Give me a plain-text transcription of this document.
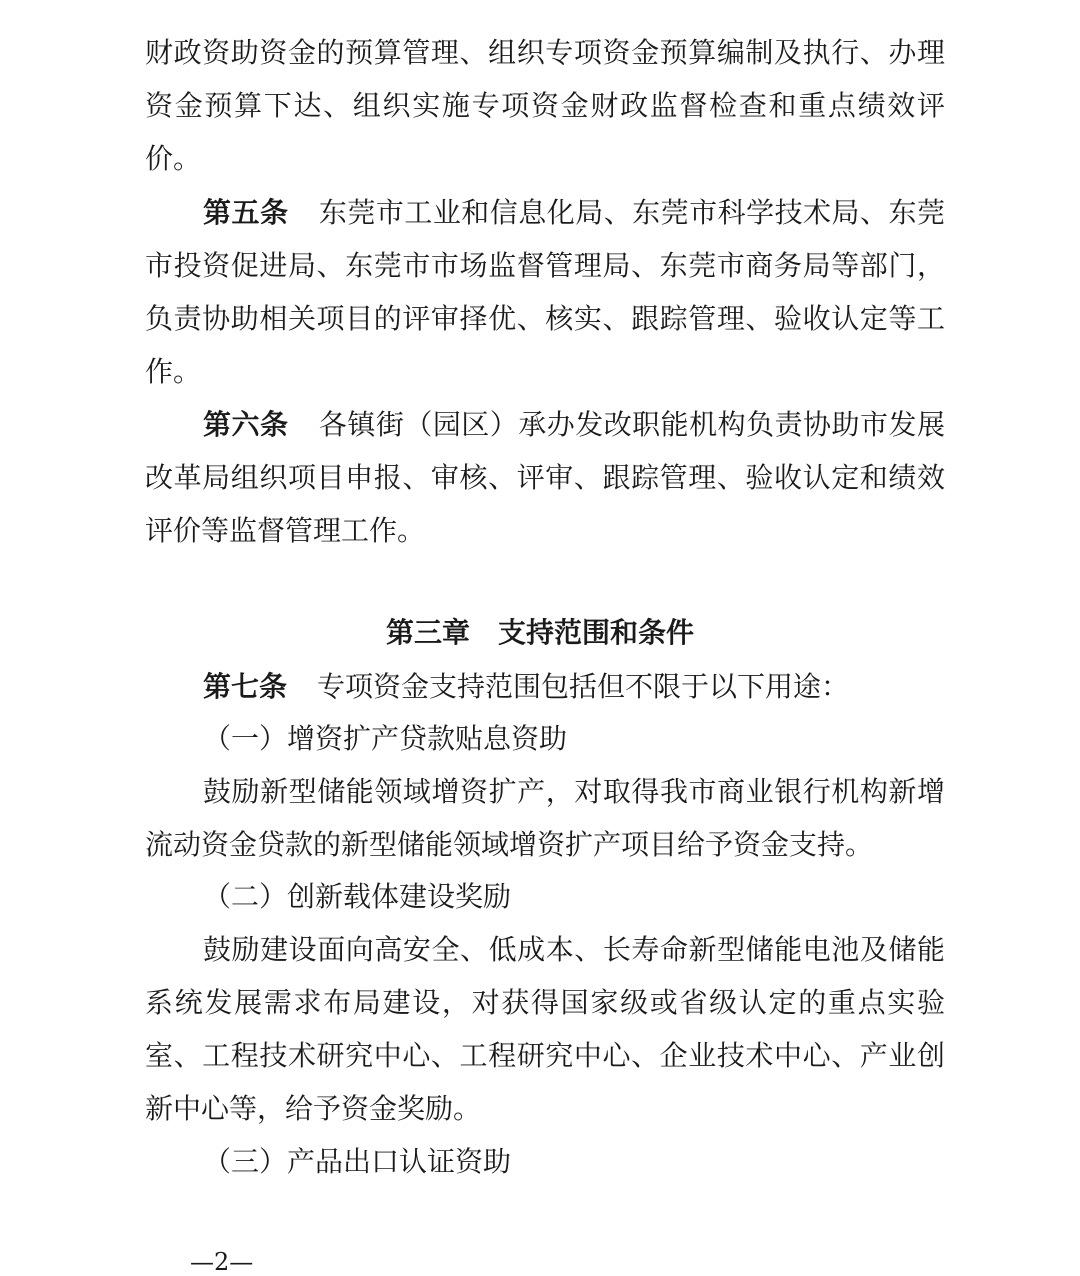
财政资助资金的预算管理、组织专项资金预算编制及执行、办理
资金预算下达、组织实施专项资金财政监督检查和重点绩效评
价。
第五条 东莞市工业和信息化局、东莞市科学技术局、东莞
市投资促进局、东莞市市场监督管理局、东莞市商务局等部门，
负责协助相关项目的评审择优、核实、跟踪管理、验收认定等工
作。
第六条 各镇街（园区）承办发改职能机构负责协助市发展
改革局组织项目申报、审核、评审、跟踪管理、验收认定和绩效
评价等监督管理工作。
第三章　支持范围和条件
第七条 专项资金支持范围包括但不限于以下用途：
（一）增资扩产贷款贴息资助
鼓励新型储能领域增资扩产，对取得我市商业银行机构新增
流动资金贷款的新型储能领域增资扩产项目给予资金支持。
（二）创新载体建设奖励
鼓励建设面向高安全、低成本、长寿命新型储能电池及储能
系统发展需求布局建设，对获得国家级或省级认定的重点实验
室、工程技术研究中心、工程研究中心、企业技术中心、产业创
新中心等，给予资金奖励。
（三）产品出口认证资助
—2—
